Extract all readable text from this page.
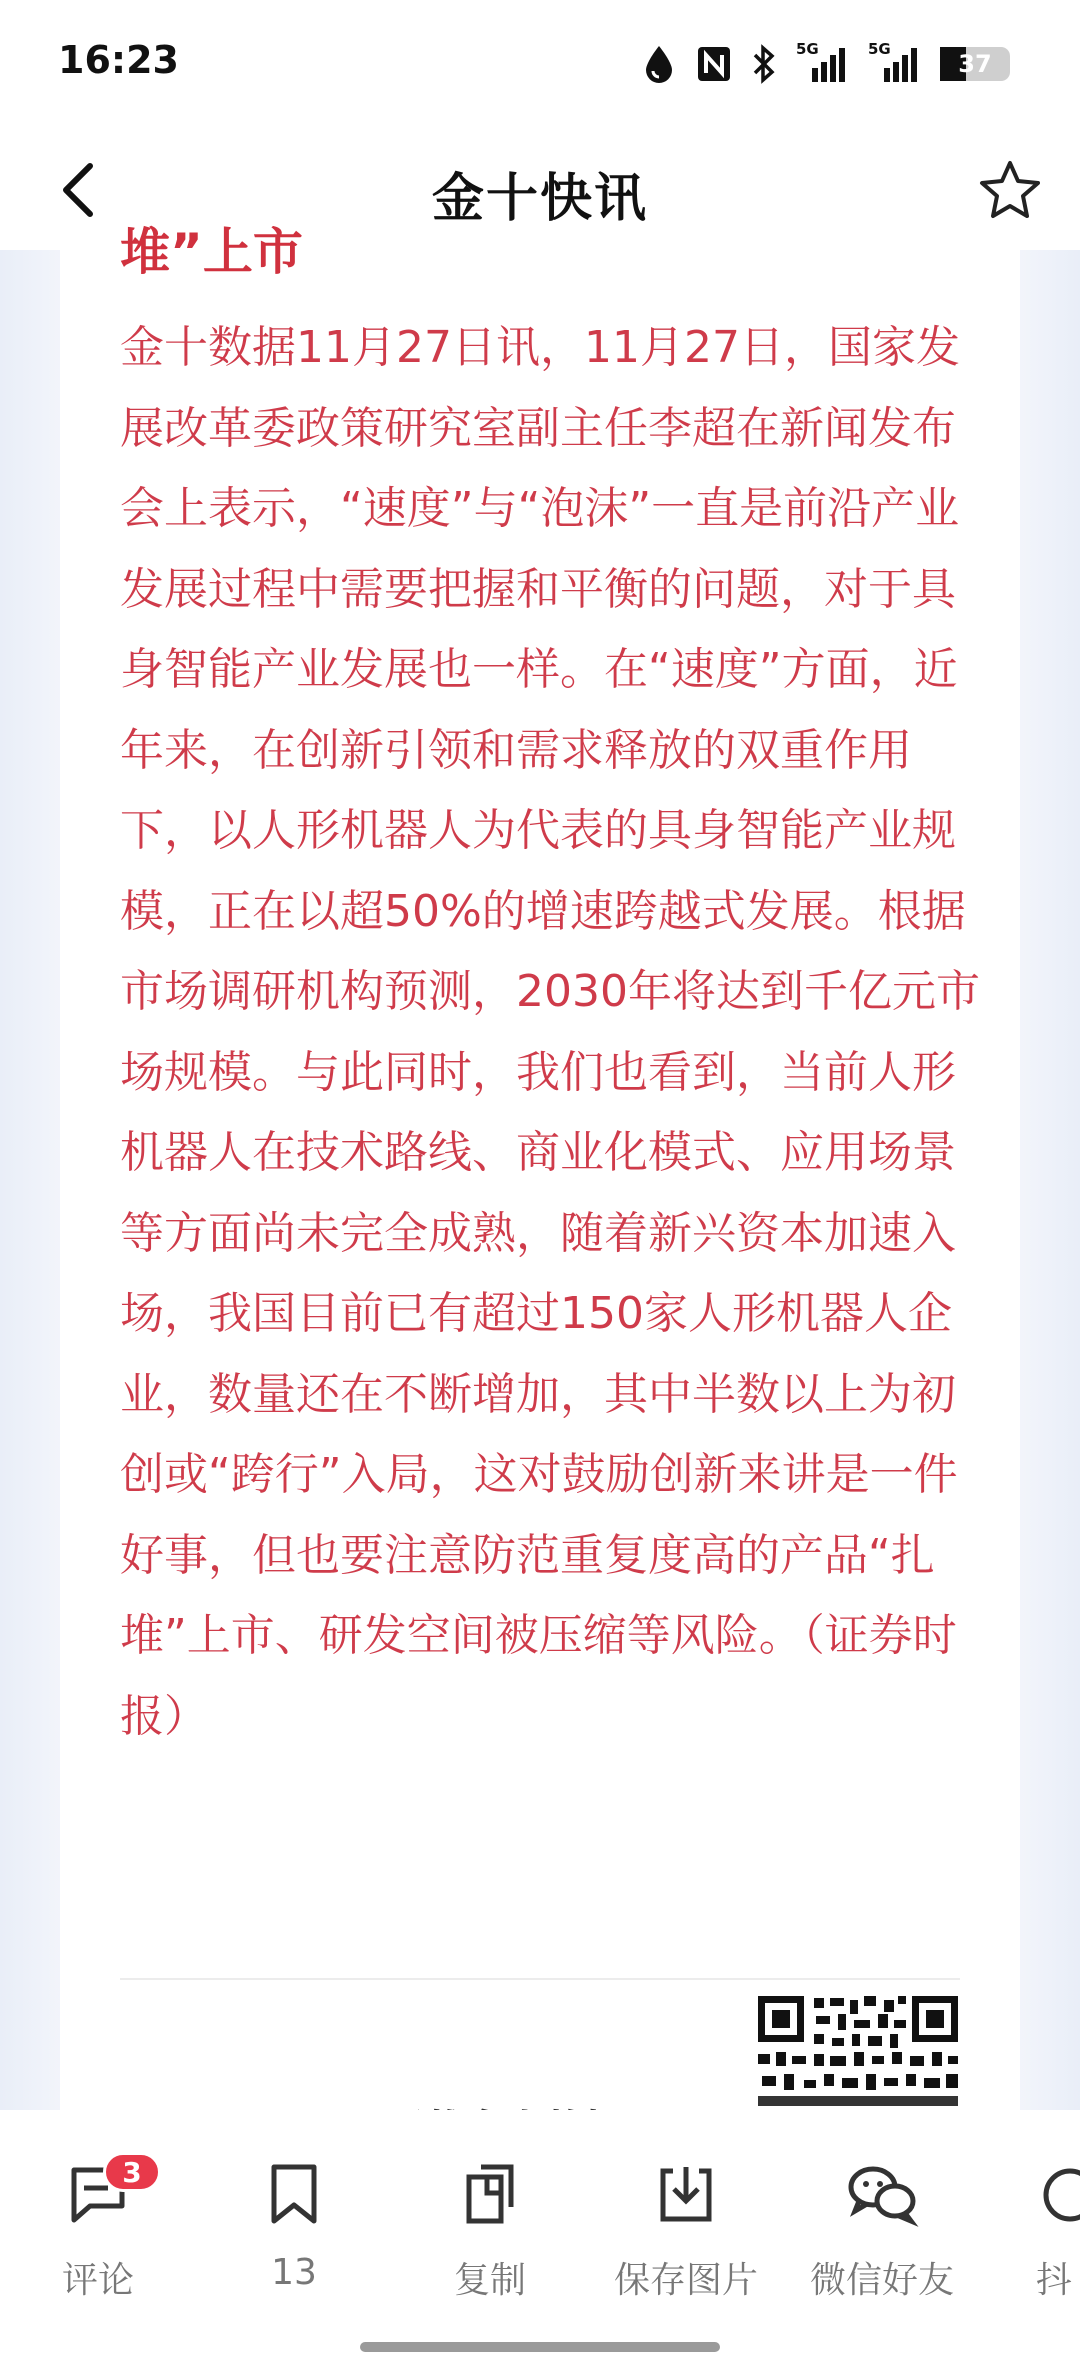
16:23	5G	5G
37
金十快讯
堆”上市
金十数据11月27日讯，11月27日，国家发展改革委政策研究室副主任李超在新闻发布会上表示，“速度”与“泡沫”一直是前沿产业发展过程中需要把握和平衡的问题，对于具身智能产业发展也一样。在“速度”方面，近年来，在创新引领和需求释放的双重作用下，以人形机器人为代表的具身智能产业规模，正在以超50%的增速跨越式发展。根据市场调研机构预测，2030年将达到千亿元市场规模。与此同时，我们也看到，当前人形机器人在技术路线、商业化模式、应用场景等方面尚未完全成熟，随着新兴资本加速入场，我国目前已有超过150家人形机器人企业，数量还在不断增加，其中半数以上为初创或“跨行”入局，这对鼓励创新来讲是一件好事，但也要注意防范重复度高的产品“扎堆”上市、研发空间被压缩等风险。（证券时报）
3
评论	13	复制	保存图片 微信好友	抖
